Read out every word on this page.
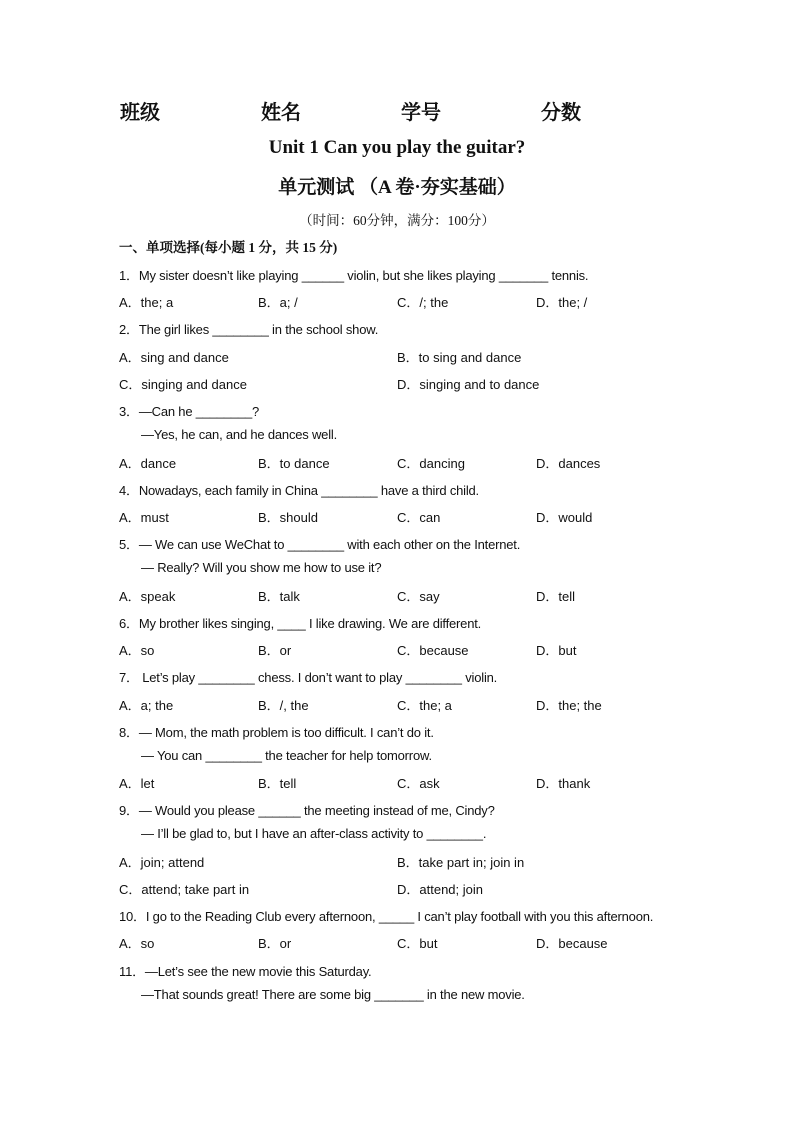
班级	姓名	学号	分数
Unit 1 Can you play the guitar?
单元测试 （A 卷·夯实基础）
（时间：60分钟，满分：100分）
一、单项选择(每小题 1 分，共 15 分)
1．My sister doesn’t like playing ______ violin, but she likes playing _______ tennis.
A．the; a	B．a; /	C．/; the	D．the; /
2．The girl likes ________ in the school show.
A．sing and dance	B．to sing and dance
C．singing and dance	D．singing and to dance
3．—Can he ________?
—Yes, he can, and he dances well.
A．dance	B．to dance	C．dancing	D．dances
4．Nowadays, each family in China ________ have a third child.
A．must	B．should	C．can	D．would
5．— We can use WeChat to ________ with each other on the Internet.
— Really? Will you show me how to use it?
A．speak	B．talk	C．say	D．tell
6．My brother likes singing, ____ I like drawing. We are different.
A．so	B．or	C．because	D．but
7． Let’s play ________ chess. I don’t want to play ________ violin.
A．a; the	B．/, the	C．the; a	D．the; the
8．— Mom, the math problem is too difficult. I can’t do it.
— You can ________ the teacher for help tomorrow.
A．let	B．tell	C．ask	D．thank
9．— Would you please ______ the meeting instead of me, Cindy?
— I’ll be glad to, but I have an after-class activity to ________.
A．join; attend	B．take part in; join in
C．attend; take part in	D．attend; join
10．I go to the Reading Club every afternoon, _____ I can’t play football with you this afternoon.
A．so	B．or	C．but	D．because
11．—Let’s see the new movie this Saturday.
—That sounds great! There are some big _______ in the new movie.
